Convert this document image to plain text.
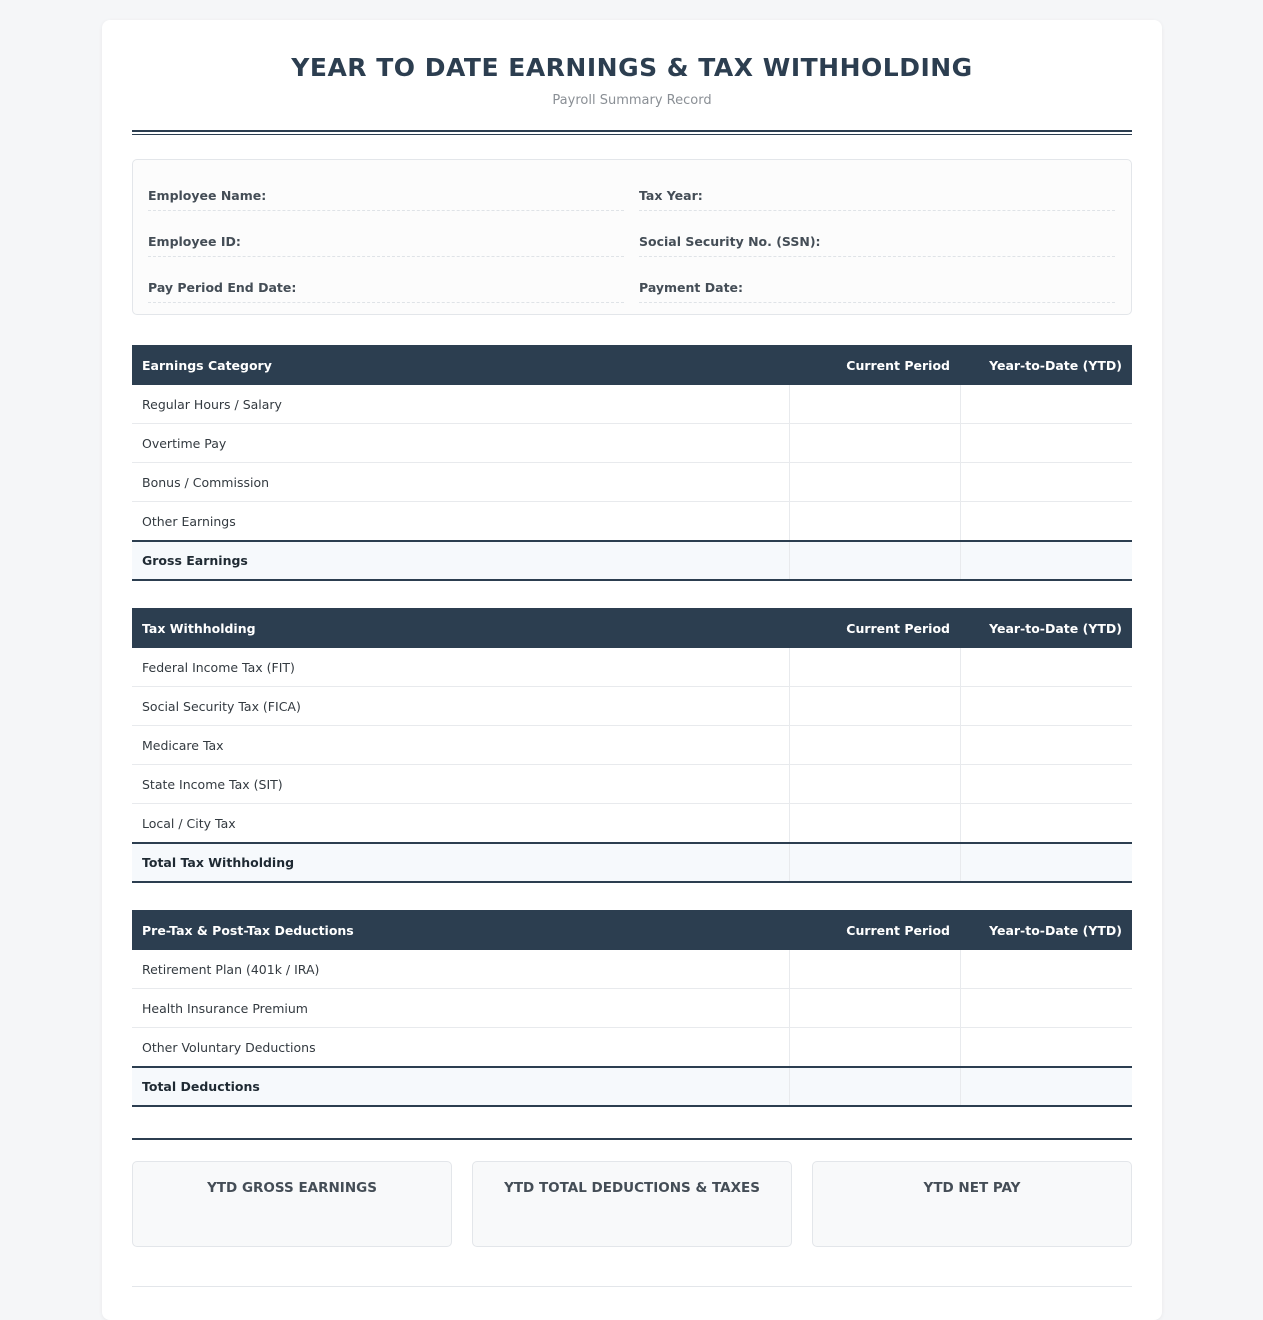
YEAR TO DATE EARNINGS & TAX WITHHOLDING
Payroll Summary Record
Employee Name:	Tax Year:
Employee ID:	Social Security No. (SSN):
Pay Period End Date:	Payment Date:
Earnings Category	Current Period	Year-to-Date (YTD)
Regular Hours / Salary		
Overtime Pay		
Bonus / Commission		
Other Earnings		
Gross Earnings		
Tax Withholding	Current Period	Year-to-Date (YTD)
Federal Income Tax (FIT)		
Social Security Tax (FICA)		
Medicare Tax		
State Income Tax (SIT)		
Local / City Tax		
Total Tax Withholding		
Pre-Tax & Post-Tax Deductions	Current Period	Year-to-Date (YTD)
Retirement Plan (401k / IRA)		
Health Insurance Premium		
Other Voluntary Deductions		
Total Deductions		
YTD GROSS EARNINGS	YTD TOTAL DEDUCTIONS & TAXES	YTD NET PAY
